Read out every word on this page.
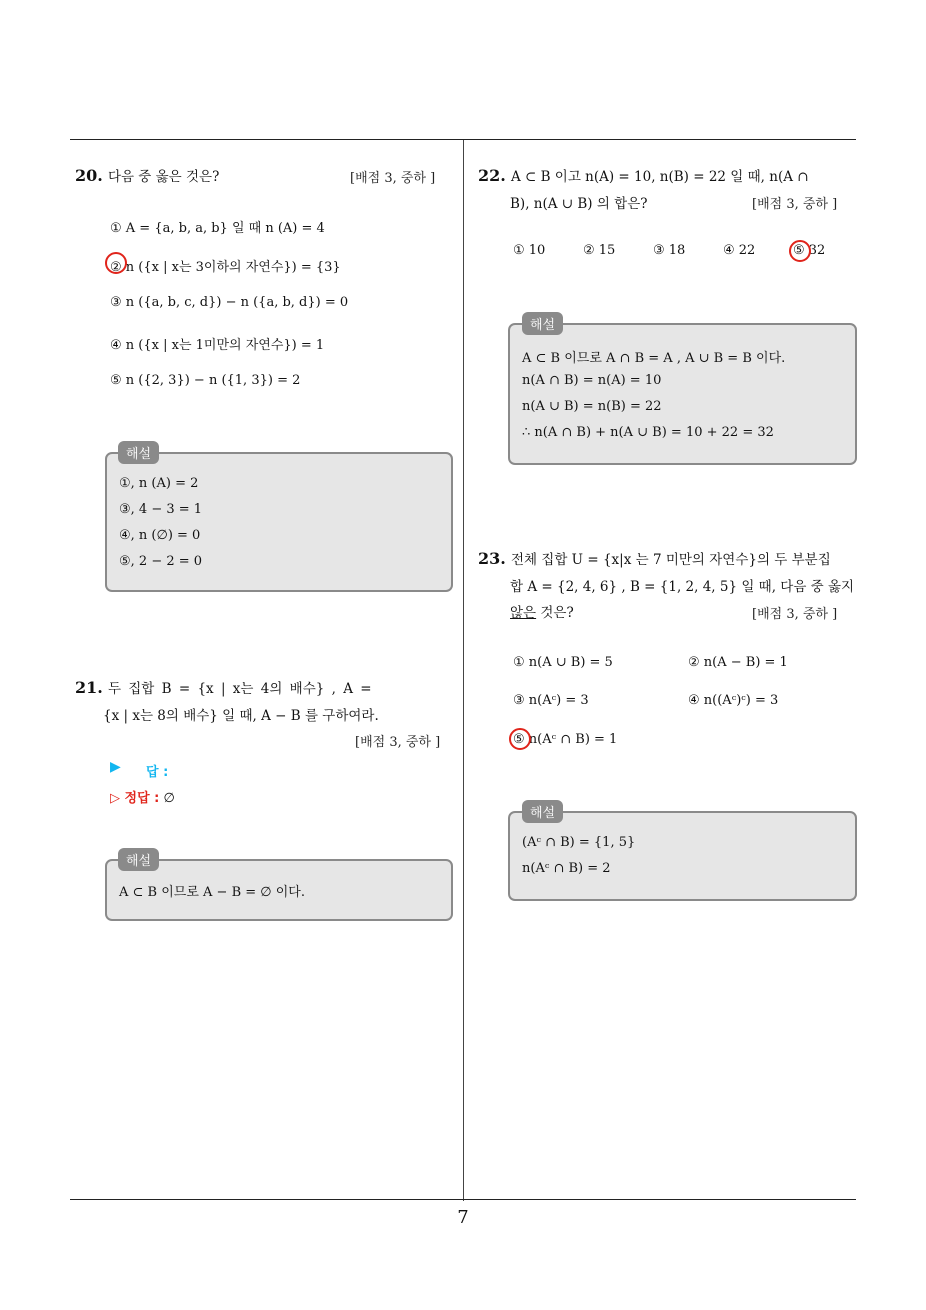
20. 다음 중 옳은 것은?	[배점 3, 중하 ]
① A = {a, b, a, b} 일 때 n (A) = 4
② n ({x | x는 3이하의 자연수}) = {3}
③ n ({a, b, c, d}) − n ({a, b, d}) = 0
④ n ({x | x는 1미만의 자연수}) = 1
⑤ n ({2, 3}) − n ({1, 3}) = 2
①, n (A) = 2
③, 4 − 3 = 1
④, n (∅) = 0
⑤, 2 − 2 = 0
해설
21. 두 집합 B = {x | x는 4의 배수} , A =
{x | x는 8의 배수} 일 때, A − B 를 구하여라.
[배점 3, 중하 ]
▶ 답 :
▷ 정답 : ∅
A ⊂ B 이므로 A − B = ∅ 이다.
해설
22. A ⊂ B 이고 n(A) = 10, n(B) = 22 일 때, n(A ∩
B), n(A ∪ B) 의 합은?	[배점 3, 중하 ]
① 10	② 15	③ 18	④ 22	⑤ 32
A ⊂ B 이므로 A ∩ B = A , A ∪ B = B 이다.
n(A ∩ B) = n(A) = 10
n(A ∪ B) = n(B) = 22
∴ n(A ∩ B) + n(A ∪ B) = 10 + 22 = 32
해설
23. 전체 집합 U = {x|x 는 7 미만의 자연수}의 두 부분집
합 A = {2, 4, 6} , B = {1, 2, 4, 5} 일 때, 다음 중 옳지
않은 것은?	[배점 3, 중하 ]
① n(A ∪ B) = 5	② n(A − B) = 1
③ n(Aᶜ) = 3	④ n((Aᶜ)ᶜ) = 3
⑤ n(Aᶜ ∩ B) = 1
(Aᶜ ∩ B) = {1, 5}
n(Aᶜ ∩ B) = 2
해설
7
